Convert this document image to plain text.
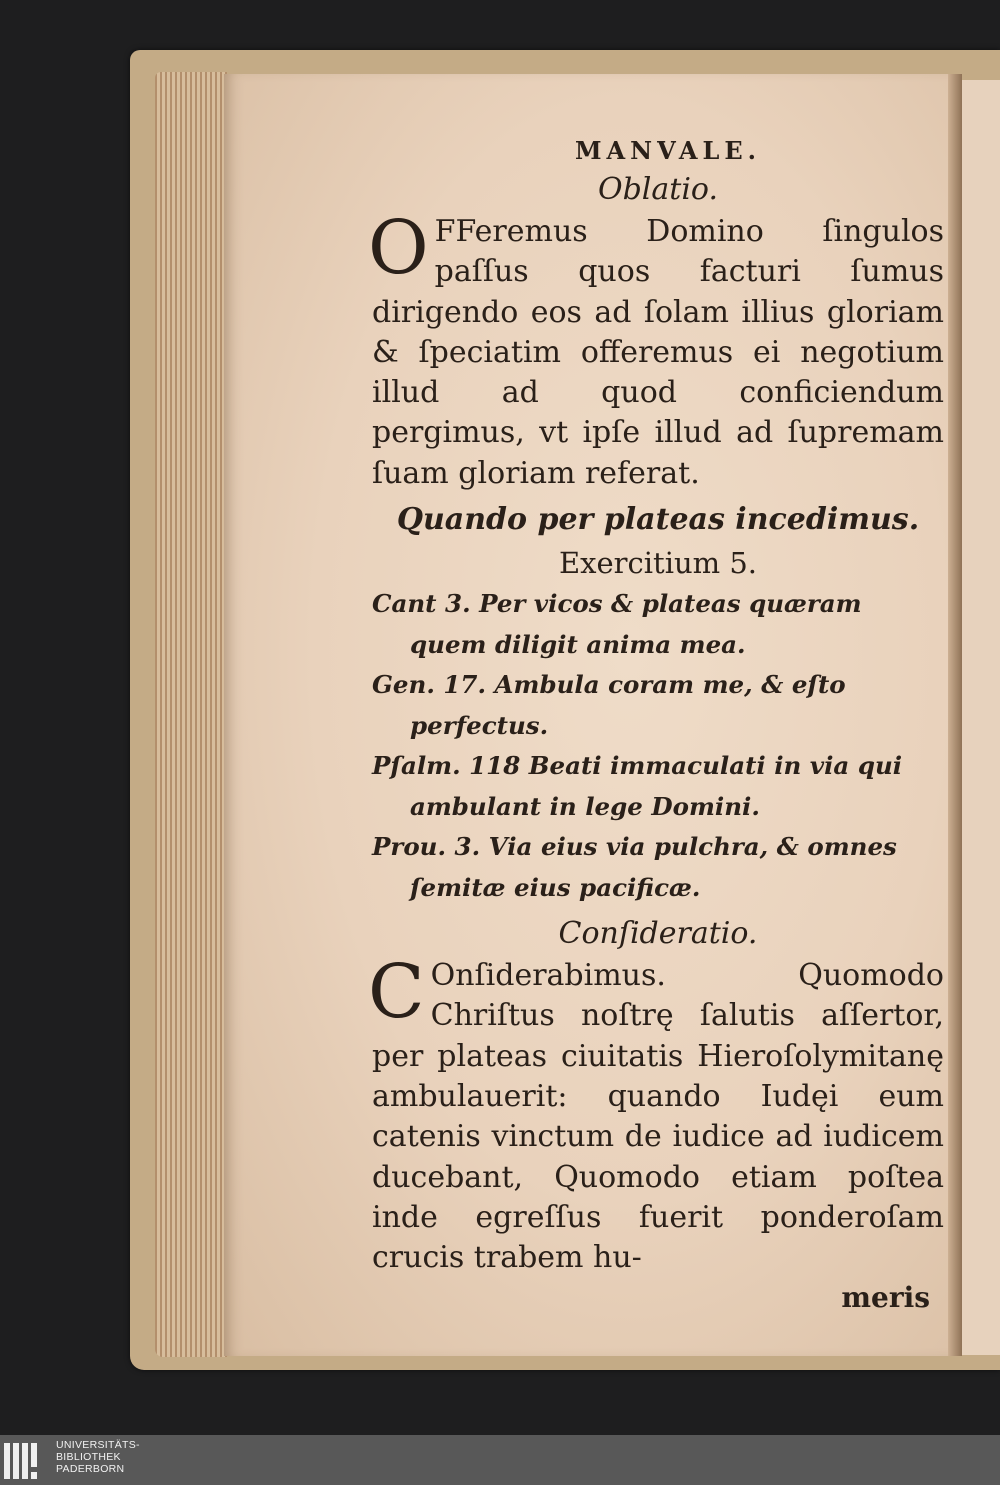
MANVALE.
Oblatio.

O FFeremus Domino ſingulos paſſus quos facturi ſumus dirigendo eos ad ſolam illius gloriam & ſpeciatim offeremus ei negotium illud ad quod conficiendum pergimus, vt ipſe illud ad ſupremam ſuam gloriam referat.

Quando per plateas incedimus.
Exercitium 5.

Cant 3. Per vicos & plateas quæram quem diligit anima mea.

Gen. 17. Ambula coram me, & eſto perfectus.

Pſalm. 118 Beati immaculati in via qui ambulant in lege Domini.

Prou. 3. Via eius via pulchra, & omnes ſemitæ eius pacificæ.

Conſideratio.

C Onſiderabimus. Quomodo Chriſtus noſtrę ſalutis aſſertor, per plateas ciuitatis Hieroſolymitanę ambulauerit: quando Iudęi eum catenis vinctum de iudice ad iudicem ducebant, Quomodo etiam poſtea inde egreſſus fuerit ponderoſam crucis trabem hu-

meris
UNIVERSITÄTS-
BIBLIOTHEK
PADERBORN
